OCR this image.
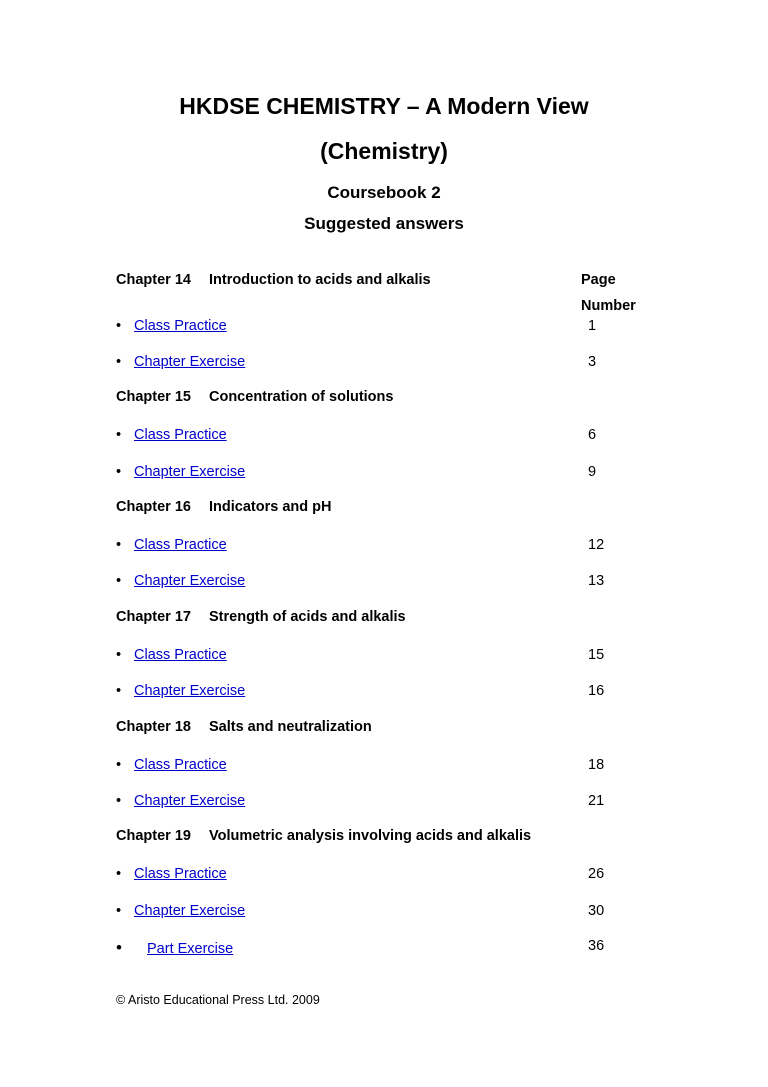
HKDSE CHEMISTRY – A Modern View
(Chemistry)
Coursebook 2
Suggested answers
Page Number
Chapter 14 Introduction to acids and alkalis
• Class Practice	1
• Chapter Exercise	3
Chapter 15 Concentration of solutions
• Class Practice	6
• Chapter Exercise	9
Chapter 16 Indicators and pH
• Class Practice	12
• Chapter Exercise	13
Chapter 17 Strength of acids and alkalis
• Class Practice	15
• Chapter Exercise	16
Chapter 18 Salts and neutralization
• Class Practice	18
• Chapter Exercise	21
Chapter 19 Volumetric analysis involving acids and alkalis
• Class Practice	26
• Chapter Exercise	30
• Part Exercise	36
© Aristo Educational Press Ltd. 2009
